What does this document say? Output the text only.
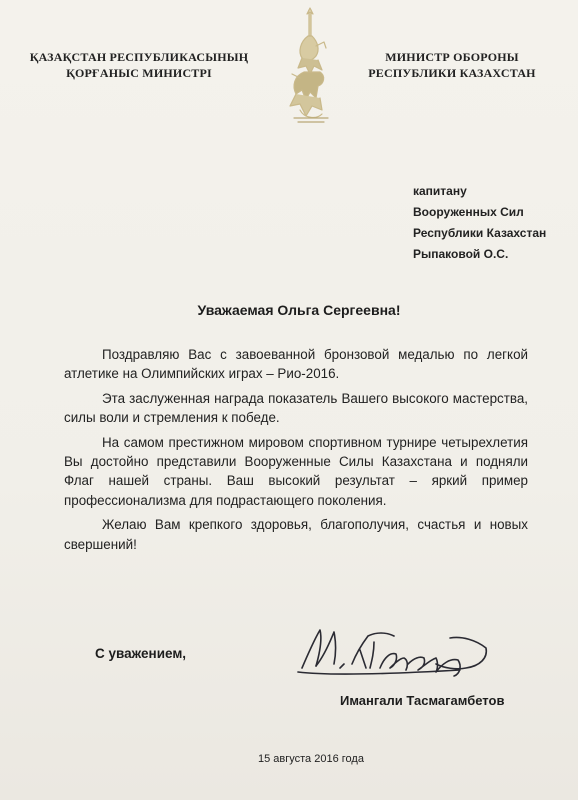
ҚАЗАҚСТАН РЕСПУБЛИКАСЫНЫҢ
ҚОРҒАНЫС МИНИСТРІ
МИНИСТР ОБОРОНЫ
РЕСПУБЛИКИ КАЗАХСТАН
капитану
Вооруженных Сил
Республики Казахстан
Рыпаковой О.С.
Уважаемая Ольга Сергеевна!

Поздравляю Вас с завоеванной бронзовой медалью по легкой атлетике на Олимпийских играх – Рио-2016.

Эта заслуженная награда показатель Вашего высокого мастерства, силы воли и стремления к победе.

На самом престижном мировом спортивном турнире четырехлетия Вы достойно представили Вооруженные Силы Казахстана и подняли Флаг нашей страны. Ваш высокий результат – яркий пример профессионализма для подрастающего поколения.

Желаю Вам крепкого здоровья, благополучия, счастья и новых свершений!

С уважением,
Имангали Тасмагамбетов
15 августа 2016 года
